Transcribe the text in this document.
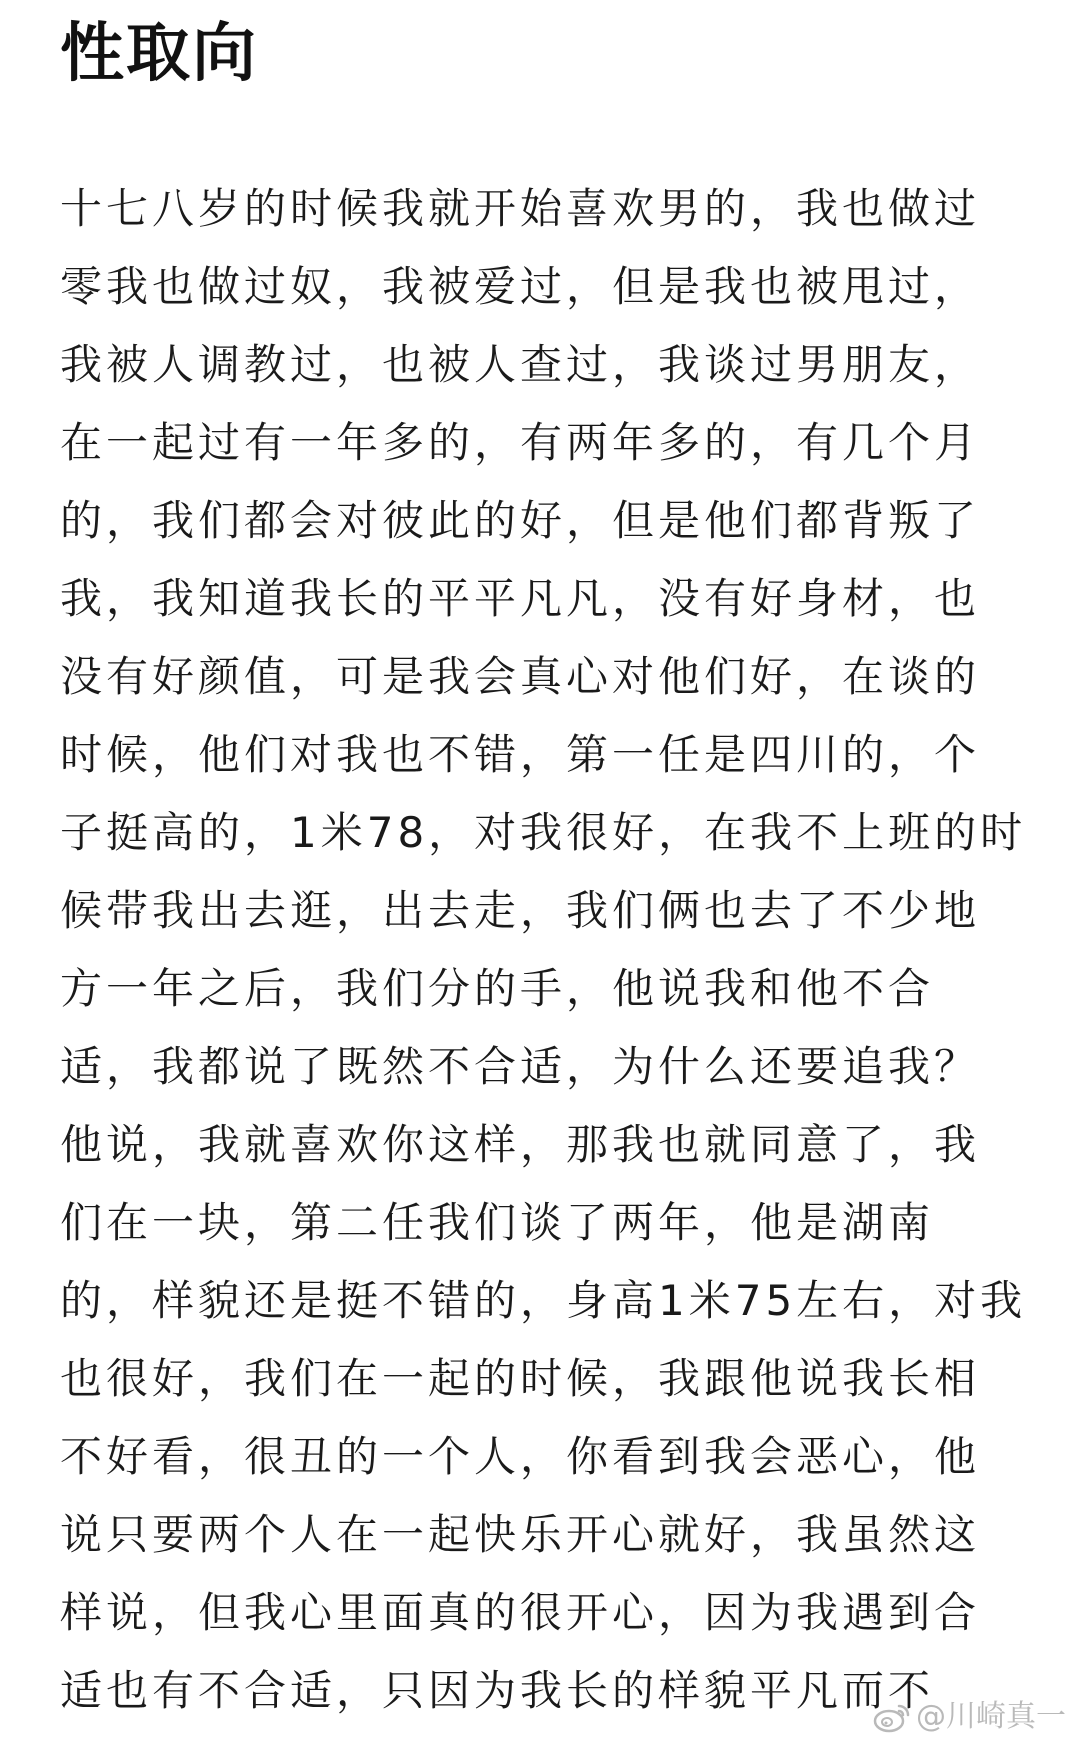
性取向
十七八岁的时候我就开始喜欢男的，我也做过
零我也做过奴，我被爱过，但是我也被甩过，
我被人调教过，也被人查过，我谈过男朋友，
在一起过有一年多的，有两年多的，有几个月
的，我们都会对彼此的好，但是他们都背叛了
我，我知道我长的平平凡凡，没有好身材，也
没有好颜值，可是我会真心对他们好，在谈的
时候，他们对我也不错，第一任是四川的，个
子挺高的，1米78，对我很好，在我不上班的时
候带我出去逛，出去走，我们俩也去了不少地
方一年之后，我们分的手，他说我和他不合
适，我都说了既然不合适，为什么还要追我？
他说，我就喜欢你这样，那我也就同意了，我
们在一块，第二任我们谈了两年，他是湖南
的，样貌还是挺不错的，身高1米75左右，对我
也很好，我们在一起的时候，我跟他说我长相
不好看，很丑的一个人，你看到我会恶心，他
说只要两个人在一起快乐开心就好，我虽然这
样说，但我心里面真的很开心，因为我遇到合
适也有不合适，只因为我长的样貌平凡而不
@川崎真一
